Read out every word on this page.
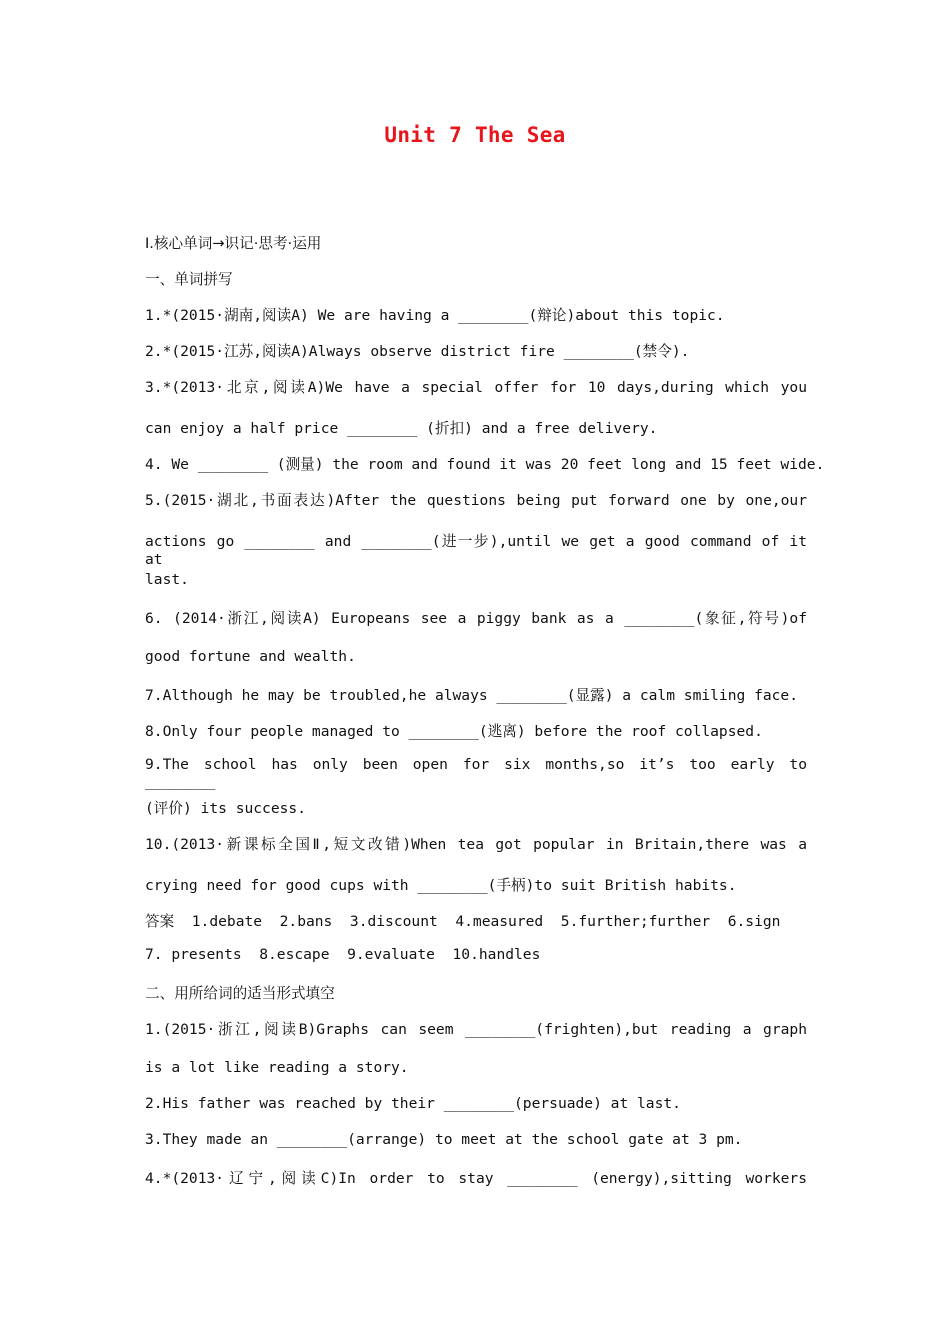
Unit 7 The Sea
Ⅰ.核心单词→识记·思考·运用
一、单词拼写
1.*(2015·湖南,阅读A) We are having a ________(辩论)about this topic.
2.*(2015·江苏,阅读A)Always observe district fire ________(禁令).
3.*(2013·北京,阅读A)We have a special offer for 10 days,during which you
can enjoy a half price ________ (折扣) and a free delivery.
4. We ________ (测量) the room and found it was 20 feet long and 15 feet wide.
5.(2015·湖北,书面表达)After the questions being put forward one by one,our
actions go ________ and ________(进一步),until we get a good command of it at
last.
6. (2014·浙江,阅读A) Europeans see a piggy bank as a ________(象征,符号)of
good fortune and wealth.
7.Although he may be troubled,he always ________(显露) a calm smiling face.
8.Only four people managed to ________(逃离) before the roof collapsed.
9.The school has only been open for six months,so it’s too early to ________
(评价) its success.
10.(2013·新课标全国Ⅱ,短文改错)When tea got popular in Britain,there was a
crying need for good cups with ________(手柄)to suit British habits.
答案  1.debate  2.bans  3.discount  4.measured  5.further;further  6.sign
7. presents  8.escape  9.evaluate  10.handles
二、用所给词的适当形式填空
1.(2015·浙江,阅读B)Graphs can seem ________(frighten),but reading a graph
is a lot like reading a story.
2.His father was reached by their ________(persuade) at last.
3.They made an ________(arrange) to meet at the school gate at 3 pm.
4.*(2013·辽宁,阅读C)In order to stay ________ (energy),sitting workers
